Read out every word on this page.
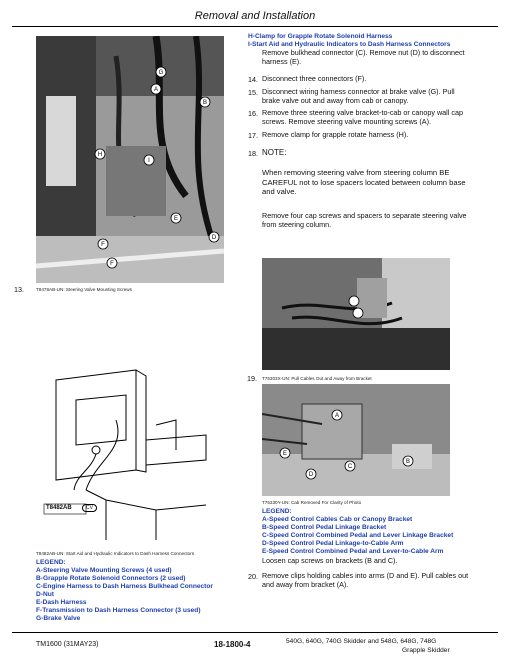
Removal and Installation
G
A
B
H
I
E
F
F
D
13.	T8478AB-UN: Steering Valve Mounting Screws
H-Clamp for Grapple Rotate Solenoid Harness
I-Start Aid and Hydraulic Indicators to Dash Harness Connectors
Remove bulkhead connector (C). Remove nut (D) to disconnect harness (E).
14. Disconnect three connectors (F).
15. Disconnect wiring harness connector at brake valve (G). Pull brake valve out and away from cab or canopy.
16. Remove three steering valve bracket-to-cab or canopy wall cap screws. Remove steering valve mounting screws (A).
17. Remove clamp for grapple rotate harness (H).
18. NOTE:
When removing steering valve from steering column BE CAREFUL not to lose spacers located between column base and valve.
Remove four cap screws and spacers to separate steering valve from steering column.
19. T75303X-UN: Pull Cables Out and Away from Bracket
A
E
D
C
B
T75330Y-UN: Cab Removed For Clarity of Photo
LEGEND:
A-Speed Control Cables Cab or Canopy Bracket
B-Speed Control Pedal Linkage Bracket
C-Speed Control Combined Pedal and Lever Linkage Bracket
D-Speed Control Pedal Linkage-to-Cable Arm
E-Speed Control Combined Pedal and Lever-to-Cable Arm
Loosen cap screws on brackets (B and C).
20. Remove clips holding cables into arms (D and E). Pull cables out and away from bracket (A).
T8482AB	CV
T8482AB-UN: Start Aid and Hydraulic Indicators to Dash Harness Connectors
LEGEND:
A-Steering Valve Mounting Screws (4 used)
B-Grapple Rotate Solenoid Connectors (2 used)
C-Engine Harness to Dash Harness Bulkhead Connector
D-Nut
E-Dash Harness
F-Transmission to Dash Harness Connector (3 used)
G-Brake Valve
TM1600 (31MAY23)	18-1800-4	540G, 640G, 740G Skidder and 548G, 648G, 748G
Grapple Skidder
